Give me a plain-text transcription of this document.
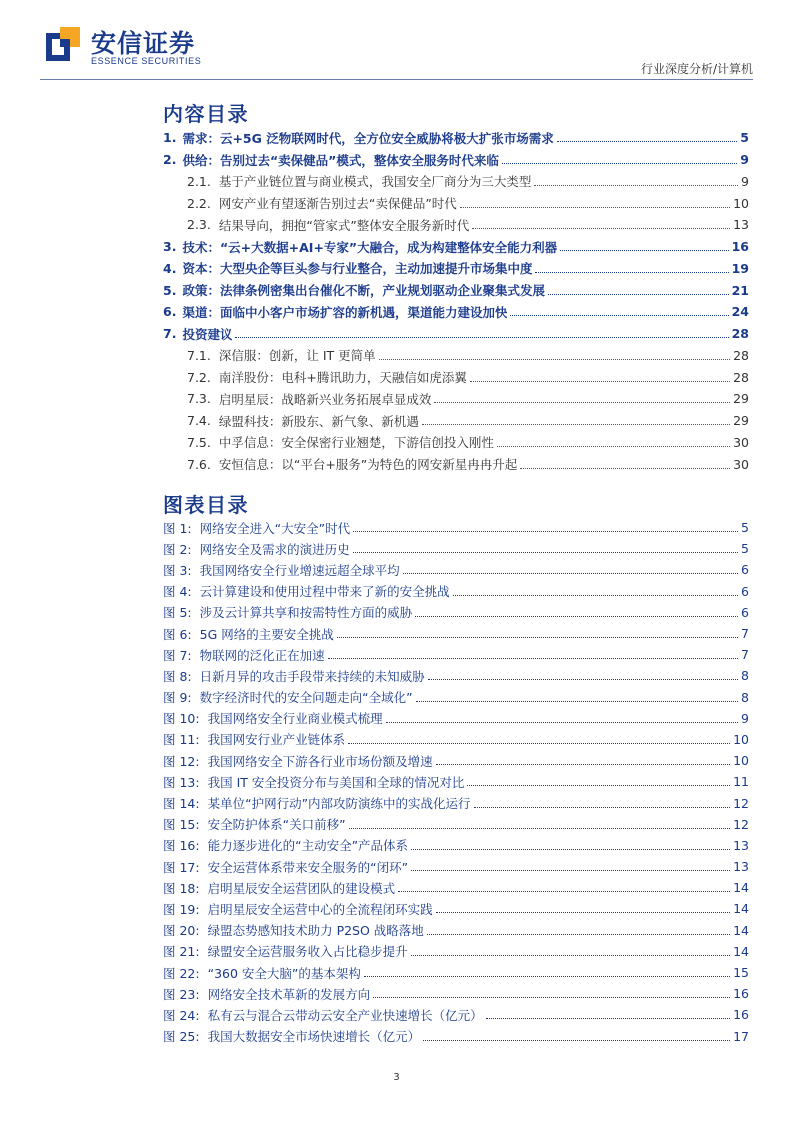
安信证券
ESSENCE SECURITIES
行业深度分析/计算机
内容目录
1. 需求：云+5G 泛物联网时代，全方位安全威胁将极大扩张市场需求	5
2. 供给：告别过去“卖保健品”模式，整体安全服务时代来临	9
2.1. 基于产业链位置与商业模式，我国安全厂商分为三大类型	9
2.2. 网安产业有望逐渐告别过去“卖保健品”时代	10
2.3. 结果导向，拥抱“管家式”整体安全服务新时代	13
3. 技术：“云+大数据+AI+专家”大融合，成为构建整体安全能力利器	16
4. 资本：大型央企等巨头参与行业整合，主动加速提升市场集中度	19
5. 政策：法律条例密集出台催化不断，产业规划驱动企业聚集式发展	21
6. 渠道：面临中小客户市场扩容的新机遇，渠道能力建设加快	24
7. 投资建议	28
7.1. 深信服：创新，让 IT 更简单	28
7.2. 南洋股份：电科+腾讯助力，天融信如虎添翼	28
7.3. 启明星辰：战略新兴业务拓展卓显成效	29
7.4. 绿盟科技：新股东、新气象、新机遇	29
7.5. 中孚信息：安全保密行业翘楚，下游信创投入刚性	30
7.6. 安恒信息：以“平台+服务”为特色的网安新星冉冉升起	30
图表目录
图 1: 网络安全进入“大安全”时代	5
图 2: 网络安全及需求的演进历史	5
图 3: 我国网络安全行业增速远超全球平均	6
图 4: 云计算建设和使用过程中带来了新的安全挑战	6
图 5: 涉及云计算共享和按需特性方面的威胁	6
图 6: 5G 网络的主要安全挑战	7
图 7: 物联网的泛化正在加速	7
图 8: 日新月异的攻击手段带来持续的未知威胁	8
图 9: 数字经济时代的安全问题走向“全域化”	8
图 10: 我国网络安全行业商业模式梳理	9
图 11: 我国网安行业产业链体系	10
图 12: 我国网络安全下游各行业市场份额及增速	10
图 13: 我国 IT 安全投资分布与美国和全球的情况对比	11
图 14: 某单位“护网行动”内部攻防演练中的实战化运行	12
图 15: 安全防护体系“关口前移”	12
图 16: 能力逐步进化的“主动安全”产品体系	13
图 17: 安全运营体系带来安全服务的“闭环”	13
图 18: 启明星辰安全运营团队的建设模式	14
图 19: 启明星辰安全运营中心的全流程闭环实践	14
图 20: 绿盟态势感知技术助力 P2SO 战略落地	14
图 21: 绿盟安全运营服务收入占比稳步提升	14
图 22: “360 安全大脑”的基本架构	15
图 23: 网络安全技术革新的发展方向	16
图 24: 私有云与混合云带动云安全产业快速增长（亿元）	16
图 25: 我国大数据安全市场快速增长（亿元）	17
3
